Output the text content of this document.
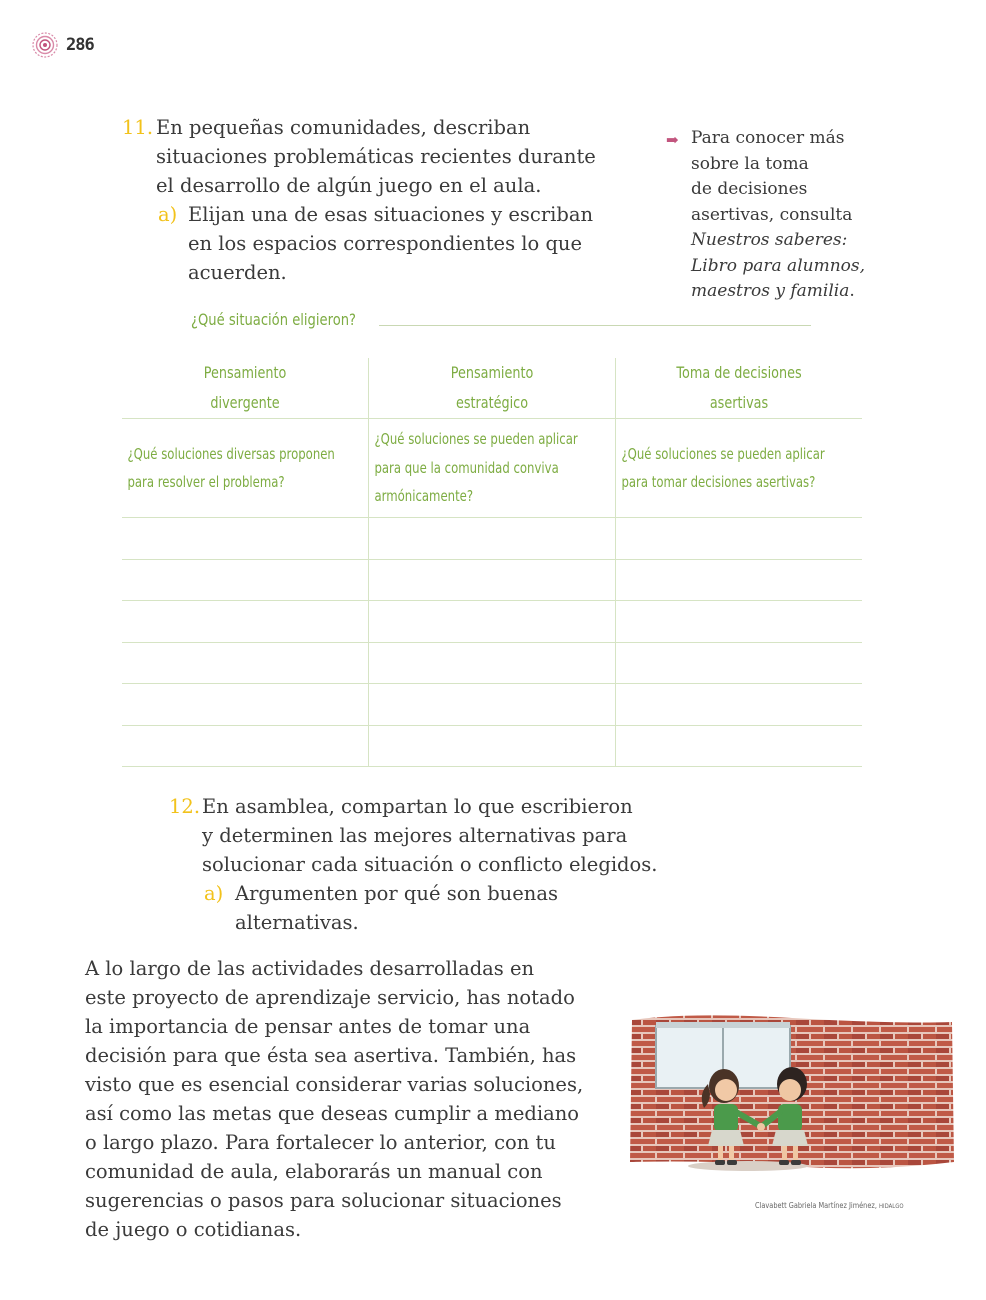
286
11. En pequeñas comunidades, describan
situaciones problemáticas recientes durante
el desarrollo de algún juego en el aula.
a) Elijan una de esas situaciones y escriban
en los espacios correspondientes lo que
acuerden.
➡ Para conocer más
sobre la toma
de decisiones
asertivas, consulta
Nuestros saberes:
Libro para alumnos,
maestros y familia.
¿Qué situación eligieron?
Pensamiento
divergente	Pensamiento
estratégico	Toma de decisiones
asertivas

¿Qué soluciones diversas proponen
para resolver el problema?	¿Qué soluciones se pueden aplicar
para que la comunidad conviva
armónicamente?	¿Qué soluciones se pueden aplicar
para tomar decisiones asertivas?

12. En asamblea, compartan lo que escribieron
y determinen las mejores alternativas para
solucionar cada situación o conflicto elegidos.
a) Argumenten por qué son buenas
alternativas.
A lo largo de las actividades desarrolladas en
este proyecto de aprendizaje servicio, has notado
la importancia de pensar antes de tomar una
decisión para que ésta sea asertiva. También, has
visto que es esencial considerar varias soluciones,
así como las metas que deseas cumplir a mediano
o largo plazo. Para fortalecer lo anterior, con tu
comunidad de aula, elaborarás un manual con
sugerencias o pasos para solucionar situaciones
de juego o cotidianas.
Clavabett Gabriela Martínez Jiménez, HIDALGO
